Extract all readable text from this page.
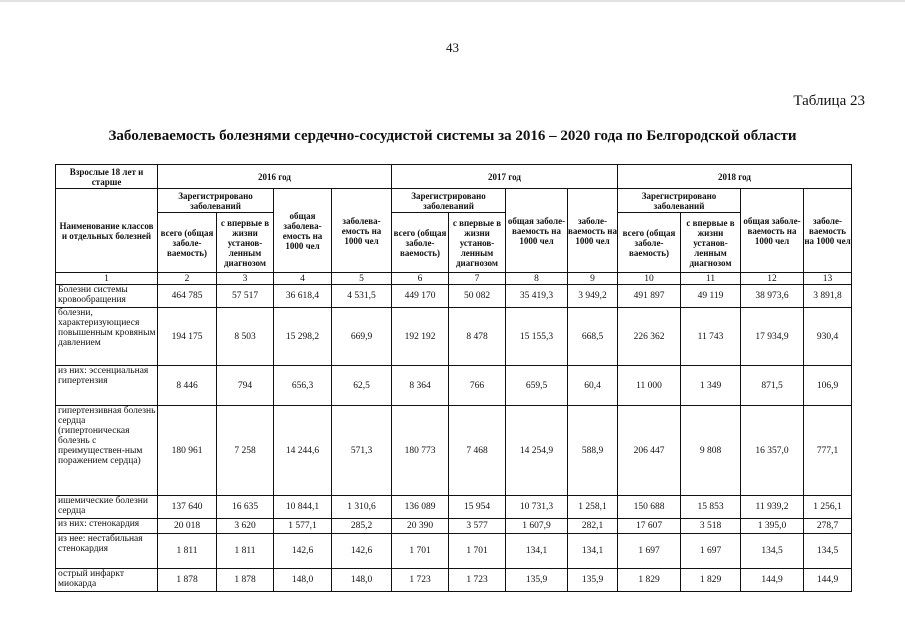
43
Таблица 23
Заболеваемость болезнями сердечно-сосудистой системы за 2016 – 2020 года по Белгородской области
Взрослые 18 лет и старше	2016 год				2017 год				2018 год			
Наименование классов и отдельных болезней	Зарегистрировано заболеваний		общая заболева-емость на 1000 чел	заболева-емость на 1000 чел	Зарегистрировано заболеваний		общая заболе-ваемость на 1000 чел	заболе-ваемость на 1000 чел	Зарегистрировано заболеваний		общая заболе-ваемость на 1000 чел	заболе-ваемость на 1000 чел
	всего (общая заболе-ваемость)	с впервые в жизни установ-ленным диагнозом			всего (общая заболе-ваемость)	с впервые в жизни установ-ленным диагнозом			всего (общая заболе-ваемость)	с впервые в жизни установ-ленным диагнозом		
1	2	3	4	5	6	7	8	9	10	11	12	13
Болезни системы кровообращения	464 785	57 517	36 618,4	4 531,5	449 170	50 082	35 419,3	3 949,2	491 897	49 119	38 973,6	3 891,8
болезни, характеризующиеся повышенным кровяным давлением	194 175	8 503	15 298,2	669,9	192 192	8 478	15 155,3	668,5	226 362	11 743	17 934,9	930,4
из них: эссенциальная гипертензия	8 446	794	656,3	62,5	8 364	766	659,5	60,4	11 000	1 349	871,5	106,9
гипертензивная болезнь сердца (гипертоническая болезнь с преимуществен-ным поражением сердца)	180 961	7 258	14 244,6	571,3	180 773	7 468	14 254,9	588,9	206 447	9 808	16 357,0	777,1
ишемические болезни сердца	137 640	16 635	10 844,1	1 310,6	136 089	15 954	10 731,3	1 258,1	150 688	15 853	11 939,2	1 256,1
из них: стенокардия	20 018	3 620	1 577,1	285,2	20 390	3 577	1 607,9	282,1	17 607	3 518	1 395,0	278,7
из нее: нестабильная стенокардия	1 811	1 811	142,6	142,6	1 701	1 701	134,1	134,1	1 697	1 697	134,5	134,5
острый инфаркт миокарда	1 878	1 878	148,0	148,0	1 723	1 723	135,9	135,9	1 829	1 829	144,9	144,9
